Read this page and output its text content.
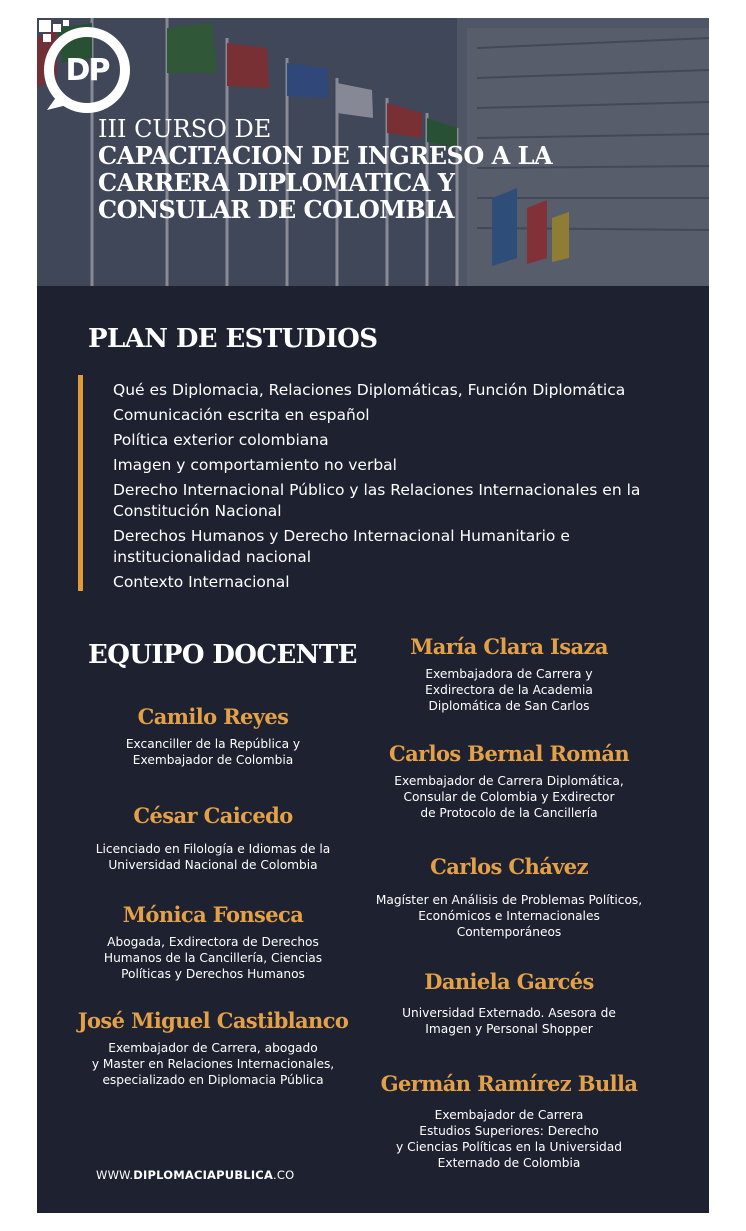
III CURSO DE
CAPACITACION DE INGRESO A LA
CARRERA DIPLOMATICA Y
CONSULAR DE COLOMBIA
DP
PLAN DE ESTUDIOS
Qué es Diplomacia, Relaciones Diplomáticas, Función Diplomática
Comunicación escrita en español
Política exterior colombiana
Imagen y comportamiento no verbal
Derecho Internacional Público y las Relaciones Internacionales en la Constitución Nacional
Derechos Humanos y Derecho Internacional Humanitario e institucionalidad nacional
Contexto Internacional
EQUIPO DOCENTE
Camilo Reyes
Excanciller de la República y
Exembajador de Colombia
César Caicedo
Licenciado en Filología e Idiomas de la
Universidad Nacional de Colombia
Mónica Fonseca
Abogada, Exdirectora de Derechos
Humanos de la Cancillería, Ciencias
Políticas y Derechos Humanos
José Miguel Castiblanco
Exembajador de Carrera, abogado
y Master en Relaciones Internacionales,
especializado en Diplomacia Pública
María Clara Isaza
Exembajadora de Carrera y
Exdirectora de la Academia
Diplomática de San Carlos
Carlos Bernal Román
Exembajador de Carrera Diplomática,
Consular de Colombia y Exdirector
de Protocolo de la Cancillería
Carlos Chávez
Magíster en Análisis de Problemas Políticos,
Económicos e Internacionales
Contemporáneos
Daniela Garcés
Universidad Externado. Asesora de
Imagen y Personal Shopper
Germán Ramírez Bulla
Exembajador de Carrera
Estudios Superiores: Derecho
y Ciencias Políticas en la Universidad
Externado de Colombia
WWW.DIPLOMACIAPUBLICA.CO
